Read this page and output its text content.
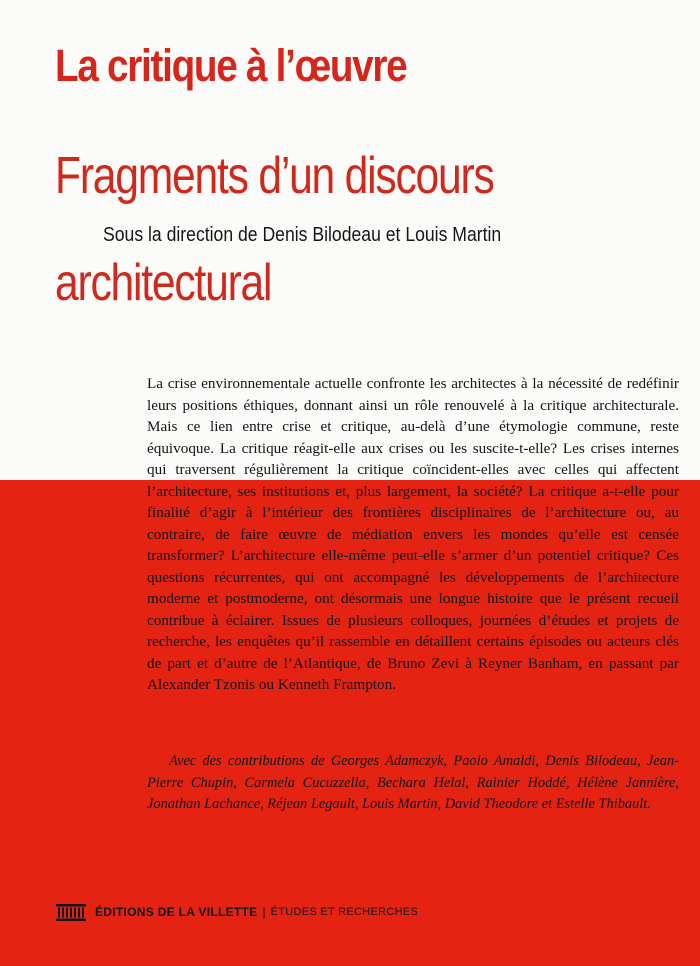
La critique à l’œuvre
Fragments d’un discours
Sous la direction de Denis Bilodeau et Louis Martin
architectural

La crise environnementale actuelle confronte les architectes à la nécessité de redéfinir leurs positions éthiques, donnant ainsi un rôle renouvelé à la critique architecturale. Mais ce lien entre crise et critique, au-delà d’une étymologie commune, reste équivoque. La critique réagit-elle aux crises ou les suscite-t-elle? Les crises internes qui traversent régulièrement la critique coïncident-elles avec celles qui affectent l’architecture, ses institutions et, plus largement, la société? La critique a-t-elle pour finalité d’agir à l’intérieur des frontières disciplinaires de l’architecture ou, au contraire, de faire œuvre de médiation envers les mondes qu’elle est censée transformer? L’architecture elle-même peut-elle s’armer d’un potentiel critique? Ces questions récurrentes, qui ont accompagné les développements de l’architecture moderne et postmoderne, ont désormais une longue histoire que le présent recueil contribue à éclairer. Issues de plusieurs colloques, journées d’études et projets de recherche, les enquêtes qu’il rassemble en détaillent certains épisodes ou acteurs clés de part et d’autre de l’Atlantique, de Bruno Zevi à Reyner Banham, en passant par Alexander Tzonis ou Kenneth Frampton.

Avec des contributions de Georges Adamczyk, Paolo Amaldi, Denis Bilodeau, Jean-Pierre Chupin, Carmela Cucuzzella, Bechara Helal, Rainier Hoddé, Hélène Jannière, Jonathan Lachance, Réjean Legault, Louis Martin, David Theodore et Estelle Thibault.

ÉDITIONS DE LA VILLETTE | ÉTUDES ET RECHERCHES
